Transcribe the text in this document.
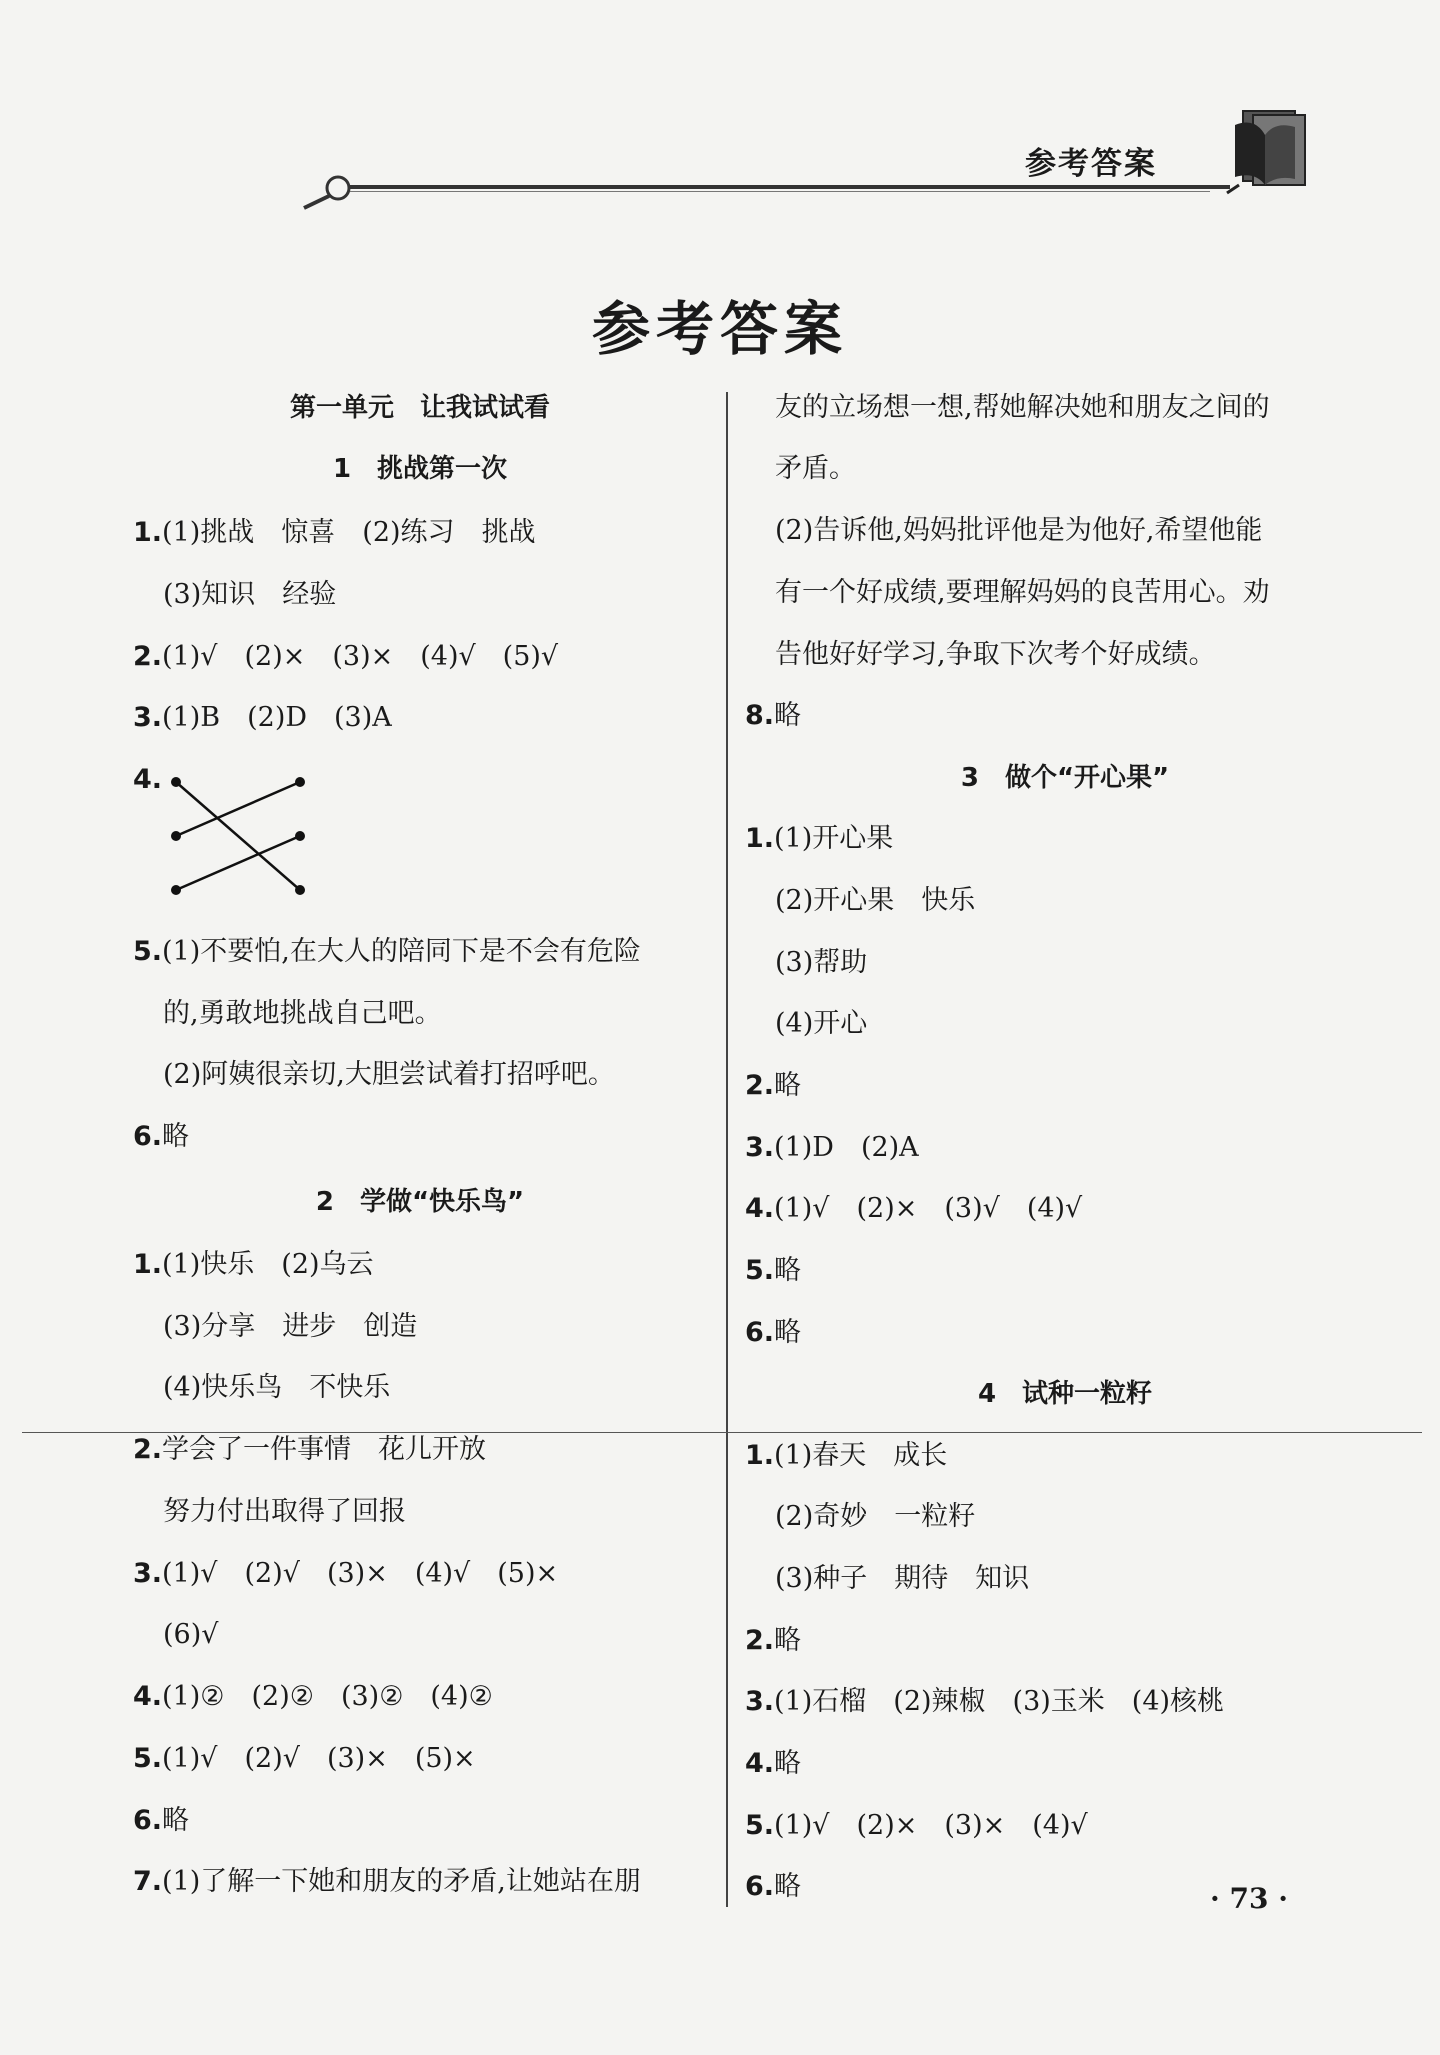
参考答案
参考答案
第一单元　让我试试看
1　挑战第一次
1.(1)挑战　惊喜　(2)练习　挑战
(3)知识　经验
2.(1)√　(2)×　(3)×　(4)√　(5)√
3.(1)B　(2)D　(3)A
4.
5.(1)不要怕,在大人的陪同下是不会有危险
的,勇敢地挑战自己吧。
(2)阿姨很亲切,大胆尝试着打招呼吧。
6.略
2　学做“快乐鸟”
1.(1)快乐　(2)乌云
(3)分享　进步　创造
(4)快乐鸟　不快乐
2.学会了一件事情　花儿开放
努力付出取得了回报
3.(1)√　(2)√　(3)×　(4)√　(5)×
(6)√
4.(1)②　(2)②　(3)②　(4)②
5.(1)√　(2)√　(3)×　(5)×
6.略
7.(1)了解一下她和朋友的矛盾,让她站在朋
友的立场想一想,帮她解决她和朋友之间的
矛盾。
(2)告诉他,妈妈批评他是为他好,希望他能
有一个好成绩,要理解妈妈的良苦用心。劝
告他好好学习,争取下次考个好成绩。
8.略
3　做个“开心果”
1.(1)开心果
(2)开心果　快乐
(3)帮助
(4)开心
2.略
3.(1)D　(2)A
4.(1)√　(2)×　(3)√　(4)√
5.略
6.略
4　试种一粒籽
1.(1)春天　成长
(2)奇妙　一粒籽
(3)种子　期待　知识
2.略
3.(1)石榴　(2)辣椒　(3)玉米　(4)核桃
4.略
5.(1)√　(2)×　(3)×　(4)√
6.略	· 73 ·
